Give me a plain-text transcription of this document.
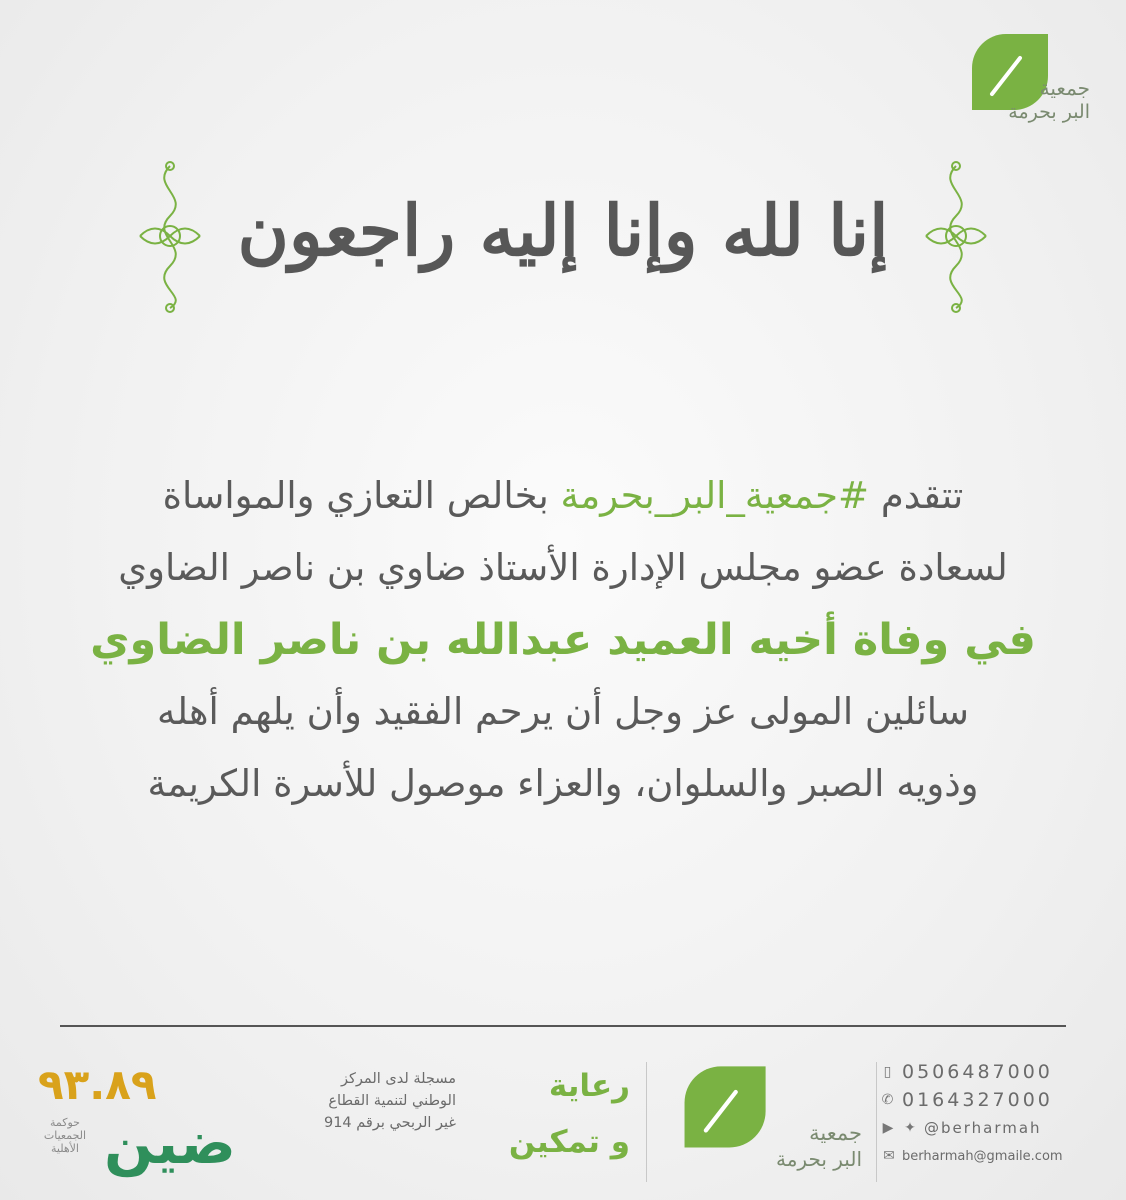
جمعية
البر بحرمة
إنا لله وإنا إليه راجعون
تتقدم #جمعية_البر_بحرمة بخالص التعازي والمواساة
لسعادة عضو مجلس الإدارة الأستاذ ضاوي بن ناصر الضاوي
في وفاة أخيه العميد عبدالله بن ناصر الضاوي
سائلين المولى عز وجل أن يرحم الفقيد وأن يلهم أهله
وذويه الصبر والسلوان، والعزاء موصول للأسرة الكريمة
▯ 0506487000
✆ 0164327000
▶ ✦ @berharmah
✉ berharmah@gmaile.com
جمعية
البر بحرمة
رعاية
و تمكين
مسجلة لدى المركز
الوطني لتنمية القطاع
غير الربحي برقم 914
٩٣.٨٩
ضين
حوكمة
الجمعيات
الأهلية
